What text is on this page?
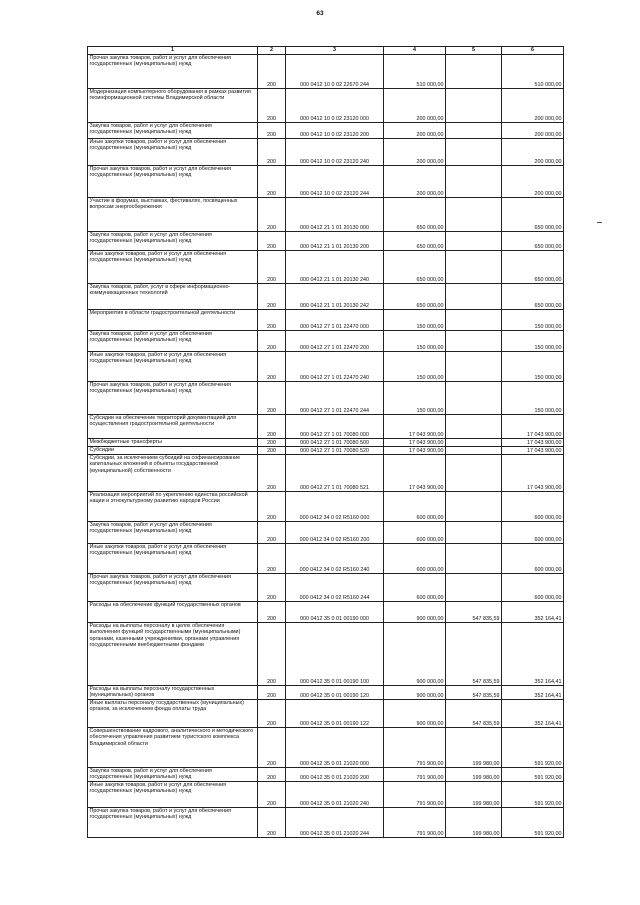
63
1	2	3	4	5	6
Прочая закупка товаров, работ и услуг для обеспечения государственных (муниципальных) нужд	200	000 0412 10 0 02 22670 244	510 000,00		510 000,00
Модернизация компьютерного оборудования в рамках развития геоинформационной системы Владимирской области	200	000 0412 10 0 02 23120 000	200 000,00		200 000,00
Закупка товаров, работ и услуг для обеспечения государственных (муниципальных) нужд	200	000 0412 10 0 02 23120 200	200 000,00		200 000,00
Иные закупки товаров, работ и услуг для обеспечения государственных (муниципальных) нужд	200	000 0412 10 0 02 23120 240	200 000,00		200 000,00
Прочая закупка товаров, работ и услуг для обеспечения государственных (муниципальных) нужд	200	000 0412 10 0 02 23120 244	200 000,00		200 000,00
Участие в форумах, выставках, фестивалях, посвященных вопросам энергосбережения	200	000 0412 21 1 01 20130 000	650 000,00		650 000,00
Закупка товаров, работ и услуг для обеспечения государственных (муниципальных) нужд	200	000 0412 21 1 01 20130 200	650 000,00		650 000,00
Иные закупки товаров, работ и услуг для обеспечения государственных (муниципальных) нужд	200	000 0412 21 1 01 20130 240	650 000,00		650 000,00
Закупка товаров, работ, услуг в сфере информационно-коммуникационных технологий	200	000 0412 21 1 01 20130 242	650 000,00		650 000,00
Мероприятия в области градостроительной деятельности	200	000 0412 27 1 01 22470 000	150 000,00		150 000,00
Закупка товаров, работ и услуг для обеспечения государственных (муниципальных) нужд	200	000 0412 27 1 01 22470 200	150 000,00		150 000,00
Иные закупки товаров, работ и услуг для обеспечения государственных (муниципальных) нужд	200	000 0412 27 1 01 22470 240	150 000,00		150 000,00
Прочая закупка товаров, работ и услуг для обеспечения государственных (муниципальных) нужд	200	000 0412 27 1 01 22470 244	150 000,00		150 000,00
Субсидии на обеспечение территорий документацией для осуществления градостроительной деятельности	200	000 0412 27 1 01 70080 000	17 043 900,00		17 043 900,00
Межбюджетные трансферты	200	000 0412 27 1 01 70080 500	17 043 900,00		17 043 900,00
Субсидии	200	000 0412 27 1 01 70080 520	17 043 900,00		17 043 900,00
Субсидии, за исключением субсидий на софинансирование капитальных вложений в объекты государственной (муниципальной) собственности	200	000 0412 27 1 01 70080 521	17 043 900,00		17 043 900,00
Реализация мероприятий по укреплению единства российской нации и этнокультурному развитию народов России	200	000 0412 34 0 02 R5160 000	600 000,00		600 000,00
Закупка товаров, работ и услуг для обеспечения государственных (муниципальных) нужд	200	000 0412 34 0 02 R5160 200	600 000,00		600 000,00
Иные закупки товаров, работ и услуг для обеспечения государственных (муниципальных) нужд	200	000 0412 34 0 02 R5160 240	600 000,00		600 000,00
Прочая закупка товаров, работ и услуг для обеспечения государственных (муниципальных) нужд	200	000 0412 34 0 02 R5160 244	600 000,00		600 000,00
Расходы на обеспечение функций государственных органов	200	000 0412 35 0 01 00190 000	900 000,00	547 835,59	352 164,41
Расходы на выплаты персоналу в целях обеспечения выполнения функций государственными (муниципальными) органами, казенными учреждениями, органами управления государственными внебюджетными фондами	200	000 0412 35 0 01 00190 100	900 000,00	547 835,59	352 164,41
Расходы на выплаты персоналу государственных (муниципальных) органов	200	000 0412 35 0 01 00190 120	900 000,00	547 835,59	352 164,41
Иные выплаты персоналу государственных (муниципальных) органов, за исключением фонда оплаты труда	200	000 0412 35 0 01 00190 122	900 000,00	547 835,59	352 164,41
Совершенствование кадрового, аналитического и методического обеспечения управления развитием туристского комплекса Владимирской области	200	000 0412 35 0 01 21020 000	791 900,00	199 980,00	591 920,00
Закупка товаров, работ и услуг для обеспечения государственных (муниципальных) нужд	200	000 0412 35 0 01 21020 200	791 900,00	199 980,00	591 920,00
Иные закупки товаров, работ и услуг для обеспечения государственных (муниципальных) нужд	200	000 0412 35 0 01 21020 240	791 900,00	199 980,00	591 920,00
Прочая закупка товаров, работ и услуг для обеспечения государственных (муниципальных) нужд	200	000 0412 35 0 01 21020 244	791 900,00	199 980,00	591 920,00
